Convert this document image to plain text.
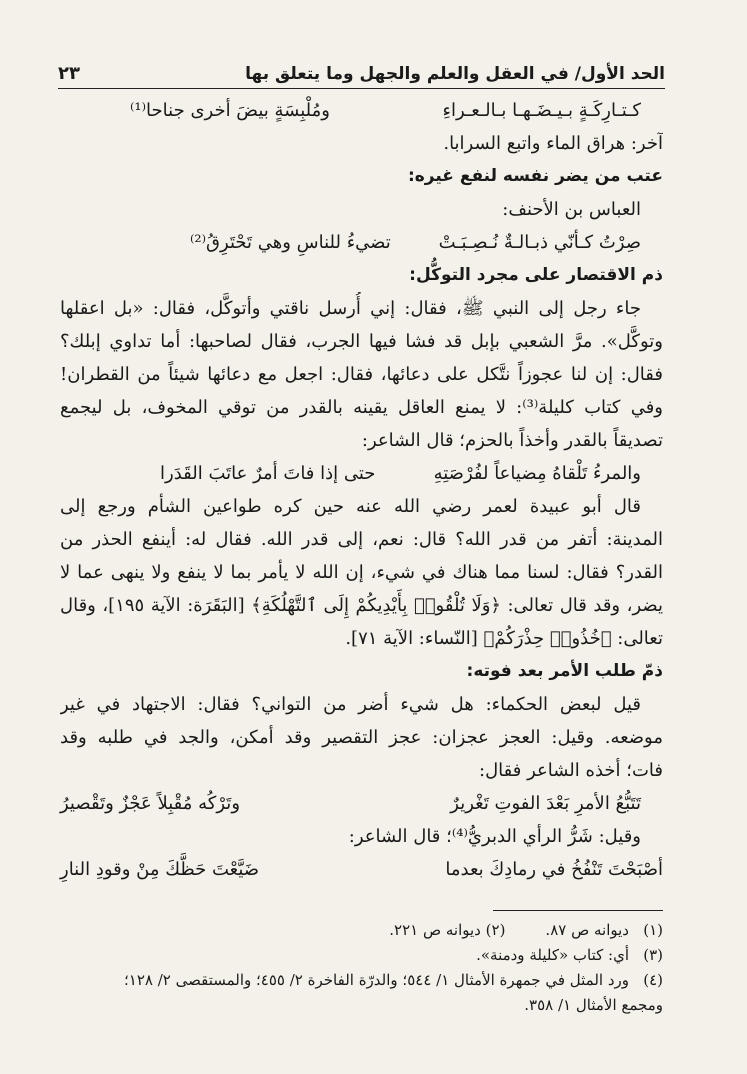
الحد الأول/ في العقل والعلم والجهل وما يتعلق بها
٢٣
كـتـارِكَـةٍ بـيـضَـهـا بـالـعـراءِ
ومُلْبِسَةٍ بيضَ أخرى جناحا⁽¹⁾
آخر: هراق الماء واتبع السرابا.
عتب من يضر نفسه لنفع غيره:
العباس بن الأحنف:
صِرْتُ كـأنّي ذبـالـةٌ نُـصِـبَـتْ
تضيءُ للناسِ وهي تَحْتَرِقُ⁽²⁾
ذم الاقتصار على مجرد التوكُّل:
جاء رجل إلى النبي ﷺ، فقال: إني أُرسل ناقتي وأتوكَّل، فقال: «بل اعقلها
وتوكَّل». مرَّ الشعبي بإبل قد فشا فيها الجرب، فقال لصاحبها: أما تداوي إبلك؟
فقال: إن لنا عجوزاً نتَّكل على دعائها، فقال: اجعل مع دعائها شيئاً من القطران!
وفي كتاب كليلة⁽³⁾: لا يمنع العاقل يقينه بالقدر من توقي المخوف، بل ليجمع
تصديقاً بالقدر وأخذاً بالحزم؛ قال الشاعر:
والمرءُ تَلْقاهُ مِضياعاً لفُرْصَتِهِ
حتى إذا فاتَ أمرٌ عاتَبَ القَدَرا
قال أبو عبيدة لعمر رضي الله عنه حين كره طواعين الشأم ورجع إلى
المدينة: أتفر من قدر الله؟ قال: نعم، إلى قدر الله. فقال له: أينفع الحذر من
القدر؟ فقال: لسنا مما هناك في شيء، إن الله لا يأمر بما لا ينفع ولا ينهى عما لا
يضر، وقد قال تعالى: ﴿وَلَا تُلْقُوا۟ بِأَيْدِيكُمْ إِلَى ٱلتَّهْلُكَةِ﴾ [البَقَرَة: الآية ١٩٥]، وقال
تعالى: ﴿خُذُوا۟ حِذْرَكُمْ﴾ [النّساء: الآية ٧١].
ذمّ طلب الأمر بعد فوته:
قيل لبعض الحكماء: هل شيء أضر من التواني؟ فقال: الاجتهاد في غير
موضعه. وقيل: العجز عجزان: عجز التقصير وقد أمكن، والجد في طلبه وقد
فات؛ أخذه الشاعر فقال:
تَتَبُّعُ الأمرِ بَعْدَ الفوتِ تَغْريرٌ
وتَرْكُه مُقْبِلاً عَجْزٌ وتَقْصيرُ
وقيل: شَرُّ الرأي الدبريُّ⁽⁴⁾؛ قال الشاعر:
أصْبَحْتَ تَنْفُخُ في رمادِكَ بعدما
ضَيَّعْتَ حَظَّكَ مِنْ وقودِ النارِ
(١)ديوانه ص ٨٧.(٢) ديوانه ص ٢٢١.
(٣)أي: كتاب «كليلة ودمنة».
(٤)ورد المثل في جمهرة الأمثال ١/ ٥٤٤؛ والدرّة الفاخرة ٢/ ٤٥٥؛ والمستقصى ٢/ ١٢٨؛
ومجمع الأمثال ١/ ٣٥٨.
